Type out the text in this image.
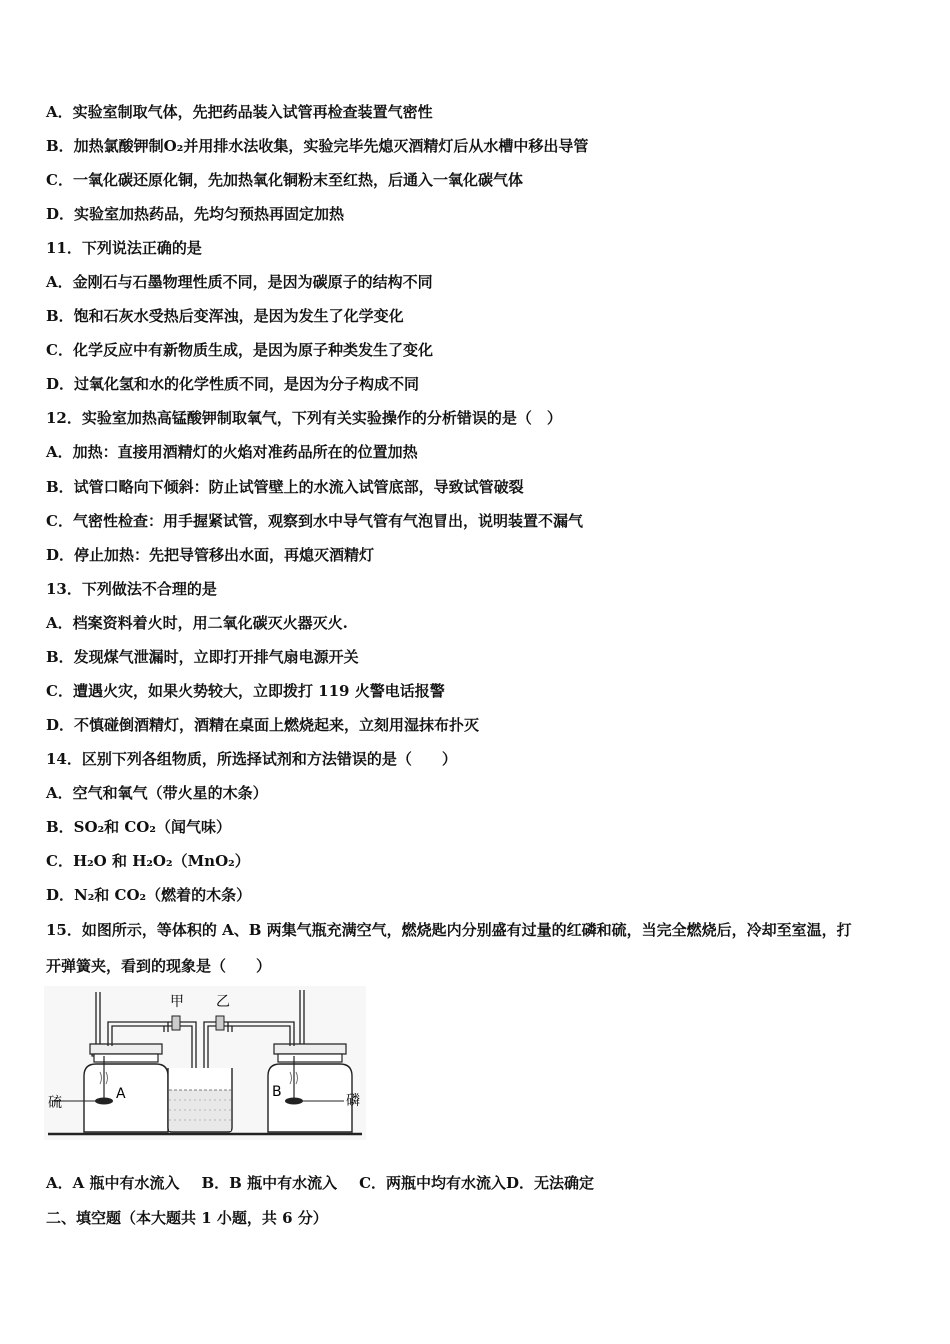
A．实验室制取气体，先把药品装入试管再检查装置气密性
B．加热氯酸钾制O₂并用排水法收集，实验完毕先熄灭酒精灯后从水槽中移出导管
C．一氧化碳还原化铜，先加热氧化铜粉末至红热，后通入一氧化碳气体
D．实验室加热药品，先均匀预热再固定加热
11．下列说法正确的是
A．金刚石与石墨物理性质不同，是因为碳原子的结构不同
B．饱和石灰水受热后变浑浊，是因为发生了化学变化
C．化学反应中有新物质生成，是因为原子种类发生了变化
D．过氧化氢和水的化学性质不同，是因为分子构成不同
12．实验室加热高锰酸钾制取氧气，下列有关实验操作的分析错误的是（　）
A．加热：直接用酒精灯的火焰对准药品所在的位置加热
B．试管口略向下倾斜：防止试管壁上的水流入试管底部，导致试管破裂
C．气密性检查：用手握紧试管，观察到水中导气管有气泡冒出，说明装置不漏气
D．停止加热：先把导管移出水面，再熄灭酒精灯
13．下列做法不合理的是
A．档案资料着火时，用二氧化碳灭火器灭火.
B．发现煤气泄漏时，立即打开排气扇电源开关
C．遭遇火灾，如果火势较大，立即拨打 119 火警电话报警
D．不慎碰倒酒精灯，酒精在桌面上燃烧起来，立刻用湿抹布扑灭
14．区别下列各组物质，所选择试剂和方法错误的是（　　）
A．空气和氧气（带火星的木条）
B．SO₂和 CO₂（闻气味）
C．H₂O 和 H₂O₂（MnO₂）
D．N₂和 CO₂（燃着的木条）
15．如图所示，等体积的 A、B 两集气瓶充满空气，燃烧匙内分别盛有过量的红磷和硫，当完全燃烧后，冷却至室温，打
开弹簧夹，看到的现象是（　　）
甲 乙
A	B
硫	磷
A．A 瓶中有水流入 B．B 瓶中有水流入 C．两瓶中均有水流入D．无法确定
二、填空题（本大题共 1 小题，共 6 分）
